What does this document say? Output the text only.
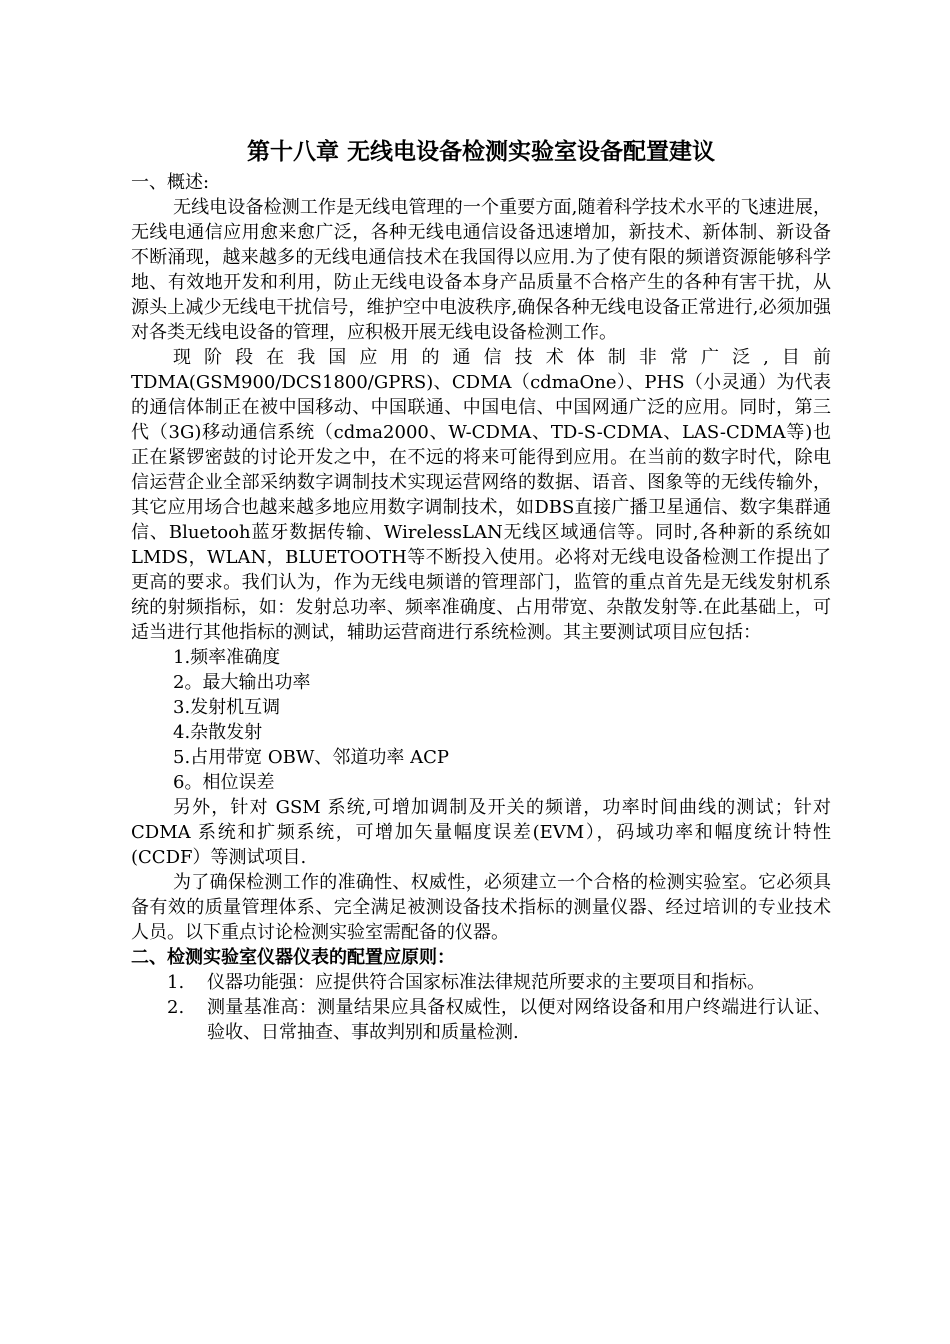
第十八章 无线电设备检测实验室设备配置建议

一、概述:

无线电设备检测工作是无线电管理的一个重要方面,随着科学技术水平的飞速进展，无线电通信应用愈来愈广泛，各种无线电通信设备迅速增加，新技术、新体制、新设备不断涌现，越来越多的无线电通信技术在我国得以应用.为了使有限的频谱资源能够科学地、有效地开发和利用，防止无线电设备本身产品质量不合格产生的各种有害干扰，从源头上减少无线电干扰信号，维护空中电波秩序,确保各种无线电设备正常进行,必须加强对各类无线电设备的管理，应积极开展无线电设备检测工作。

现阶段在我国应用的通信技术体制非常广泛,目前 TDMA(GSM900/DCS1800/GPRS)、CDMA（cdmaOne）、PHS（小灵通）为代表的通信体制正在被中国移动、中国联通、中国电信、中国网通广泛的应用。同时，第三代（3G)移动通信系统（cdma2000、W-CDMA、TD-S-CDMA、LAS-CDMA等)也正在紧锣密鼓的讨论开发之中，在不远的将来可能得到应用。在当前的数字时代，除电信运营企业全部采纳数字调制技术实现运营网络的数据、语音、图象等的无线传输外，其它应用场合也越来越多地应用数字调制技术，如DBS直接广播卫星通信、数字集群通信、Bluetooh蓝牙数据传输、WirelessLAN无线区域通信等。同时,各种新的系统如LMDS，WLAN，BLUETOOTH等不断投入使用。必将对无线电设备检测工作提出了更高的要求。我们认为，作为无线电频谱的管理部门，监管的重点首先是无线发射机系统的射频指标，如：发射总功率、频率准确度、占用带宽、杂散发射等.在此基础上，可适当进行其他指标的测试，辅助运营商进行系统检测。其主要测试项目应包括：

1.频率准确度

2。最大输出功率

3.发射机互调

4.杂散发射

5.占用带宽 OBW、邻道功率 ACP

6。相位误差

另外，针对 GSM 系统,可增加调制及开关的频谱，功率时间曲线的测试；针对 CDMA 系统和扩频系统，可增加矢量幅度误差(EVM），码域功率和幅度统计特性(CCDF）等测试项目.

为了确保检测工作的准确性、权威性，必须建立一个合格的检测实验室。它必须具备有效的质量管理体系、完全满足被测设备技术指标的测量仪器、经过培训的专业技术人员。以下重点讨论检测实验室需配备的仪器。

二、检测实验室仪器仪表的配置应原则：

1.	仪器功能强：应提供符合国家标准法律规范所要求的主要项目和指标。
2.	测量基准高：测量结果应具备权威性，以便对网络设备和用户终端进行认证、验收、日常抽查、事故判别和质量检测.
